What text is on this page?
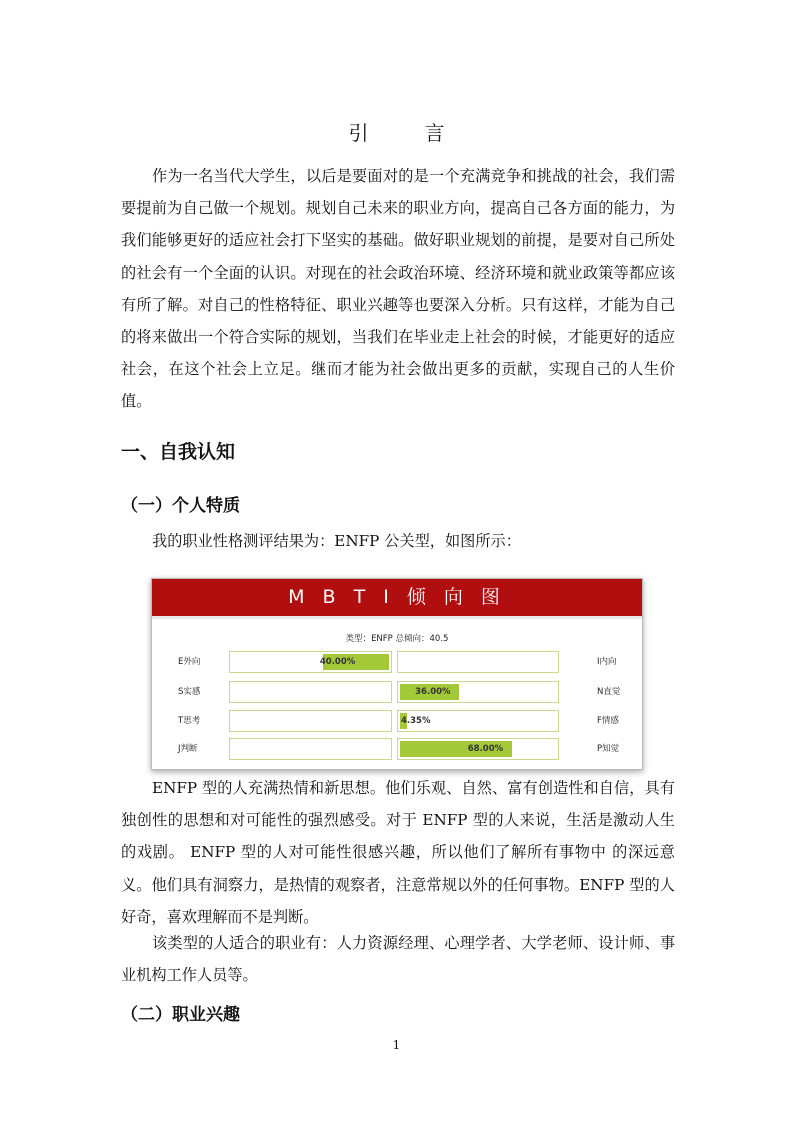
引　言

作为一名当代大学生，以后是要面对的是一个充满竞争和挑战的社会，我们需要提前为自己做一个规划。规划自己未来的职业方向，提高自己各方面的能力，为我们能够更好的适应社会打下坚实的基础。做好职业规划的前提，是要对自己所处的社会有一个全面的认识。对现在的社会政治环境、经济环境和就业政策等都应该有所了解。对自己的性格特征、职业兴趣等也要深入分析。只有这样，才能为自己的将来做出一个符合实际的规划，当我们在毕业走上社会的时候，才能更好的适应社会，在这个社会上立足。继而才能为社会做出更多的贡献，实现自己的人生价值。

一、自我认知
（一）个人特质
我的职业性格测评结果为：ENFP 公关型，如图所示：
M B T I 倾 向 图
类型：ENFP 总倾向：40.5
E外向	40.00%	I内向
S实感	36.00%	N直觉
T思考	4.35%	F情感
J判断	68.00%	P知觉

ENFP 型的人充满热情和新思想。他们乐观、自然、富有创造性和自信，具有独创性的思想和对可能性的强烈感受。对于 ENFP 型的人来说，生活是激动人生的戏剧。 ENFP 型的人对可能性很感兴趣，所以他们了解所有事物中 的深远意义。他们具有洞察力，是热情的观察者，注意常规以外的任何事物。ENFP 型的人好奇，喜欢理解而不是判断。

该类型的人适合的职业有：人力资源经理、心理学者、大学老师、设计师、事业机构工作人员等。

（二）职业兴趣
1
